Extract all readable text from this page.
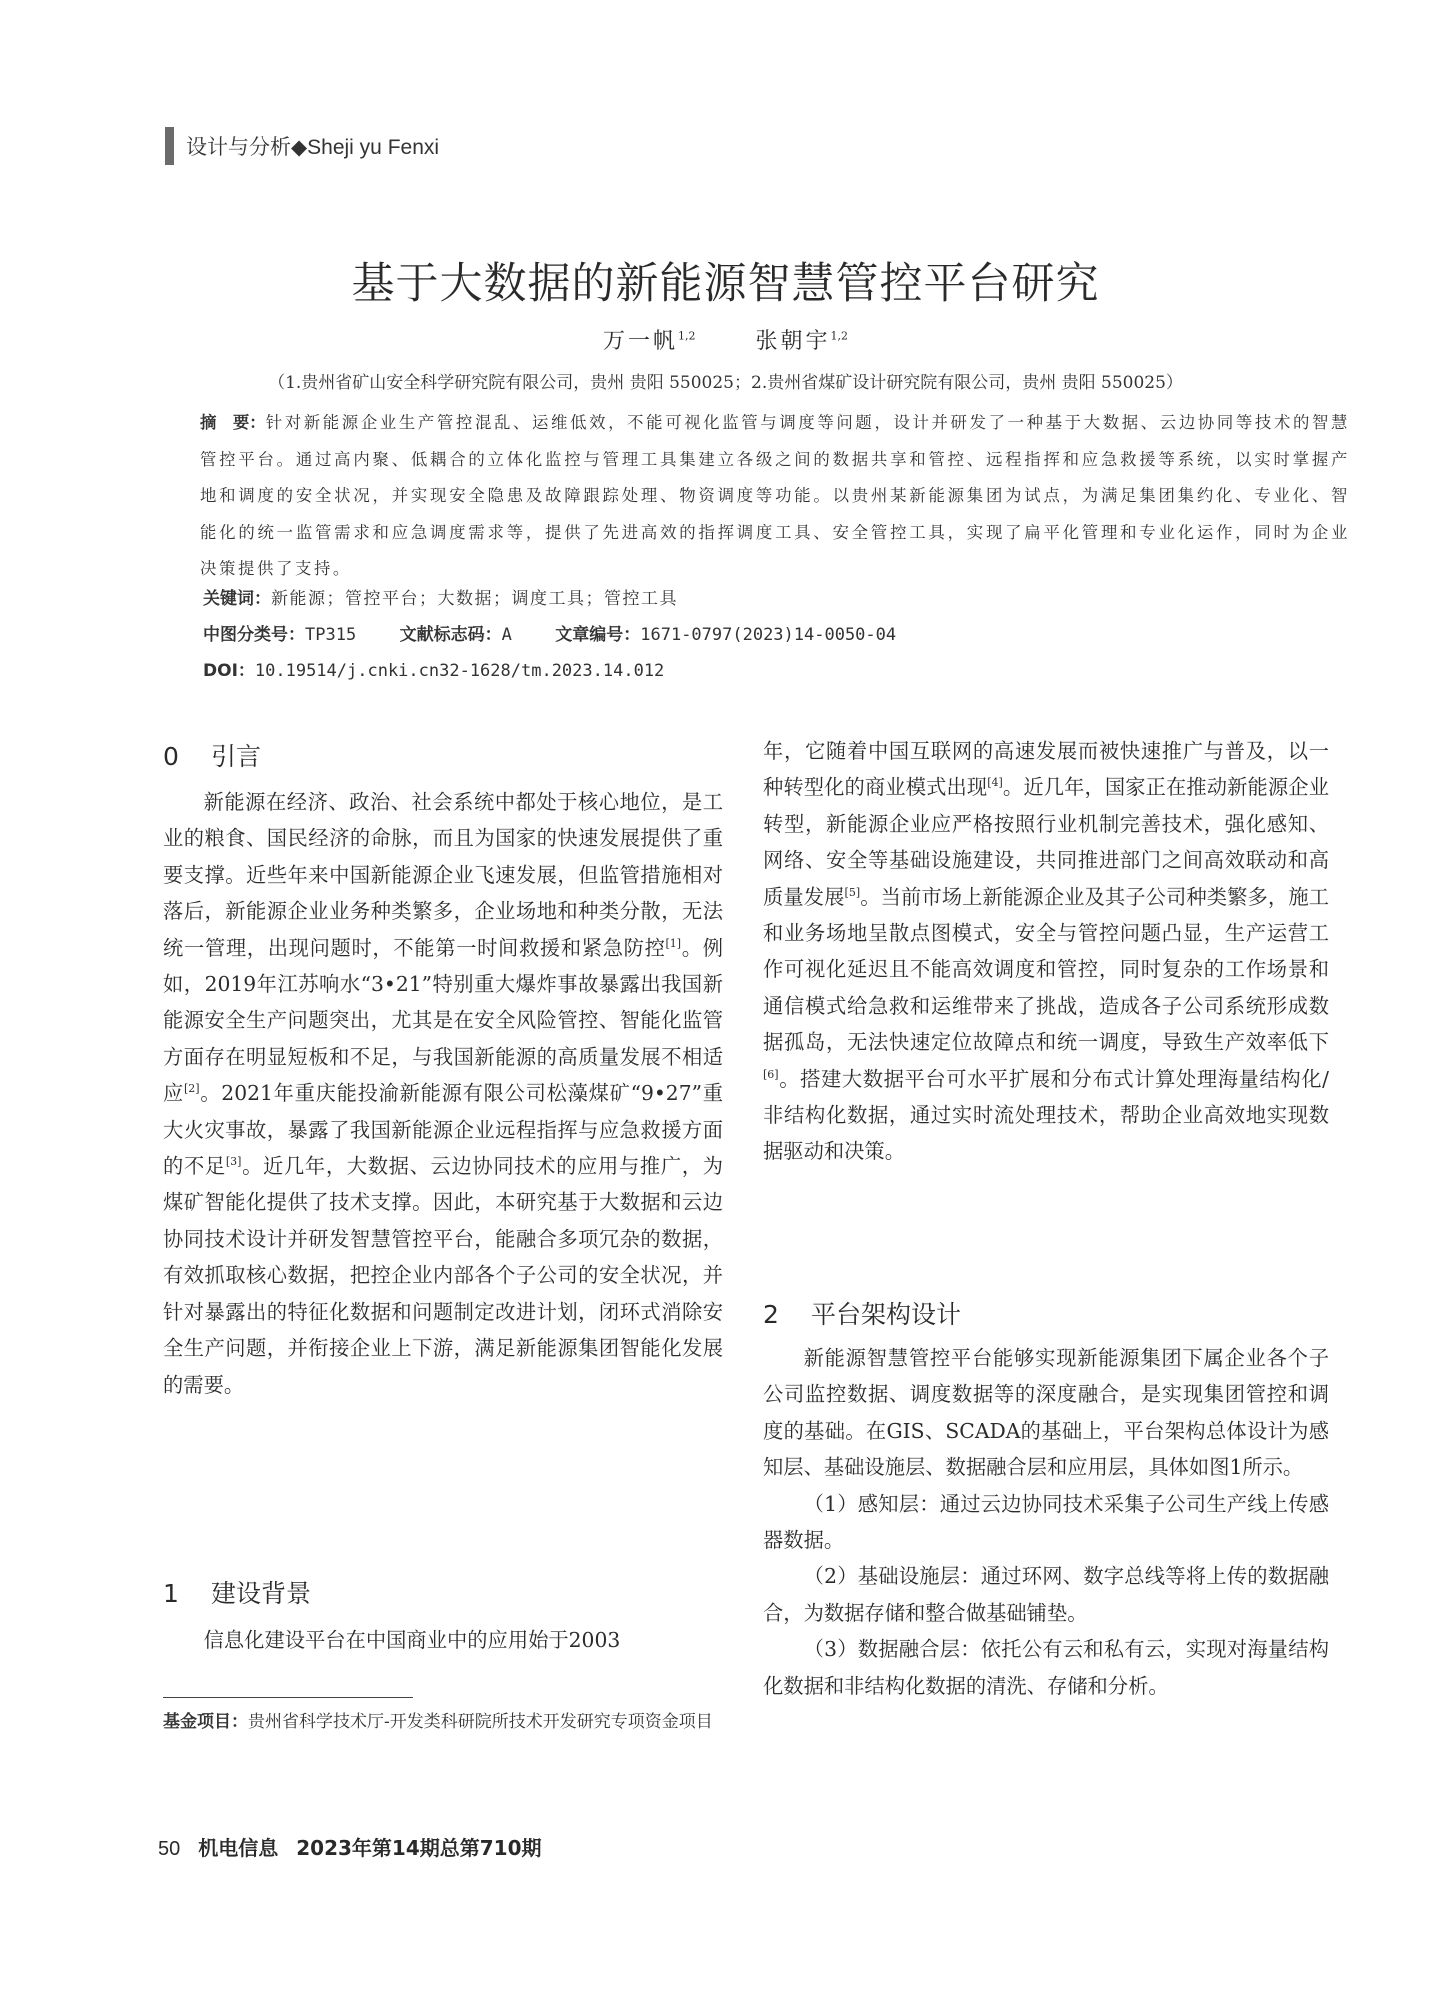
设计与分析◆Sheji yu Fenxi
基于大数据的新能源智慧管控平台研究
万一帆$^{1,2}$	张朝宇$^{1,2}$
（1.贵州省矿山安全科学研究院有限公司，贵州 贵阳 550025；2.贵州省煤矿设计研究院有限公司，贵州 贵阳 550025）
摘　要：针对新能源企业生产管控混乱、运维低效，不能可视化监管与调度等问题，设计并研发了一种基于大数据、云边协同等技术的智慧管控平台。通过高内聚、低耦合的立体化监控与管理工具集建立各级之间的数据共享和管控、远程指挥和应急救援等系统，以实时掌握产地和调度的安全状况，并实现安全隐患及故障跟踪处理、物资调度等功能。以贵州某新能源集团为试点，为满足集团集约化、专业化、智能化的统一监管需求和应急调度需求等，提供了先进高效的指挥调度工具、安全管控工具，实现了扁平化管理和专业化运作，同时为企业决策提供了支持。
关键词：新能源；管控平台；大数据；调度工具；管控工具
中图分类号：TP315	文献标志码：A	文章编号：1671-0797(2023)14-0050-04
DOI：10.19514/j.cnki.cn32-1628/tm.2023.14.012
0 引言

新能源在经济、政治、社会系统中都处于核心地位，是工业的粮食、国民经济的命脉，而且为国家的快速发展提供了重要支撑。近些年来中国新能源企业飞速发展，但监管措施相对落后，新能源企业业务种类繁多，企业场地和种类分散，无法统一管理，出现问题时，不能第一时间救援和紧急防控[1]。例如，2019年江苏响水“3•21”特别重大爆炸事故暴露出我国新能源安全生产问题突出，尤其是在安全风险管控、智能化监管方面存在明显短板和不足，与我国新能源的高质量发展不相适应[2]。2021年重庆能投渝新能源有限公司松藻煤矿“9•27”重大火灾事故，暴露了我国新能源企业远程指挥与应急救援方面的不足[3]。近几年，大数据、云边协同技术的应用与推广，为煤矿智能化提供了技术支撑。因此，本研究基于大数据和云边协同技术设计并研发智慧管控平台，能融合多项冗杂的数据，有效抓取核心数据，把控企业内部各个子公司的安全状况，并针对暴露出的特征化数据和问题制定改进计划，闭环式消除安全生产问题，并衔接企业上下游，满足新能源集团智能化发展的需要。

1 建设背景

信息化建设平台在中国商业中的应用始于2003

基金项目：贵州省科学技术厅-开发类科研院所技术开发研究专项资金项目

年，它随着中国互联网的高速发展而被快速推广与普及，以一种转型化的商业模式出现[4]。近几年，国家正在推动新能源企业转型，新能源企业应严格按照行业机制完善技术，强化感知、网络、安全等基础设施建设，共同推进部门之间高效联动和高质量发展[5]。当前市场上新能源企业及其子公司种类繁多，施工和业务场地呈散点图模式，安全与管控问题凸显，生产运营工作可视化延迟且不能高效调度和管控，同时复杂的工作场景和通信模式给急救和运维带来了挑战，造成各子公司系统形成数据孤岛，无法快速定位故障点和统一调度，导致生产效率低下[6]。搭建大数据平台可水平扩展和分布式计算处理海量结构化/非结构化数据，通过实时流处理技术，帮助企业高效地实现数据驱动和决策。

2 平台架构设计

新能源智慧管控平台能够实现新能源集团下属企业各个子公司监控数据、调度数据等的深度融合，是实现集团管控和调度的基础。在GIS、SCADA的基础上，平台架构总体设计为感知层、基础设施层、数据融合层和应用层，具体如图1所示。

（1）感知层：通过云边协同技术采集子公司生产线上传感器数据。

（2）基础设施层：通过环网、数字总线等将上传的数据融合，为数据存储和整合做基础铺垫。

（3）数据融合层：依托公有云和私有云，实现对海量结构化数据和非结构化数据的清洗、存储和分析。

50 机电信息 2023年第14期总第710期
